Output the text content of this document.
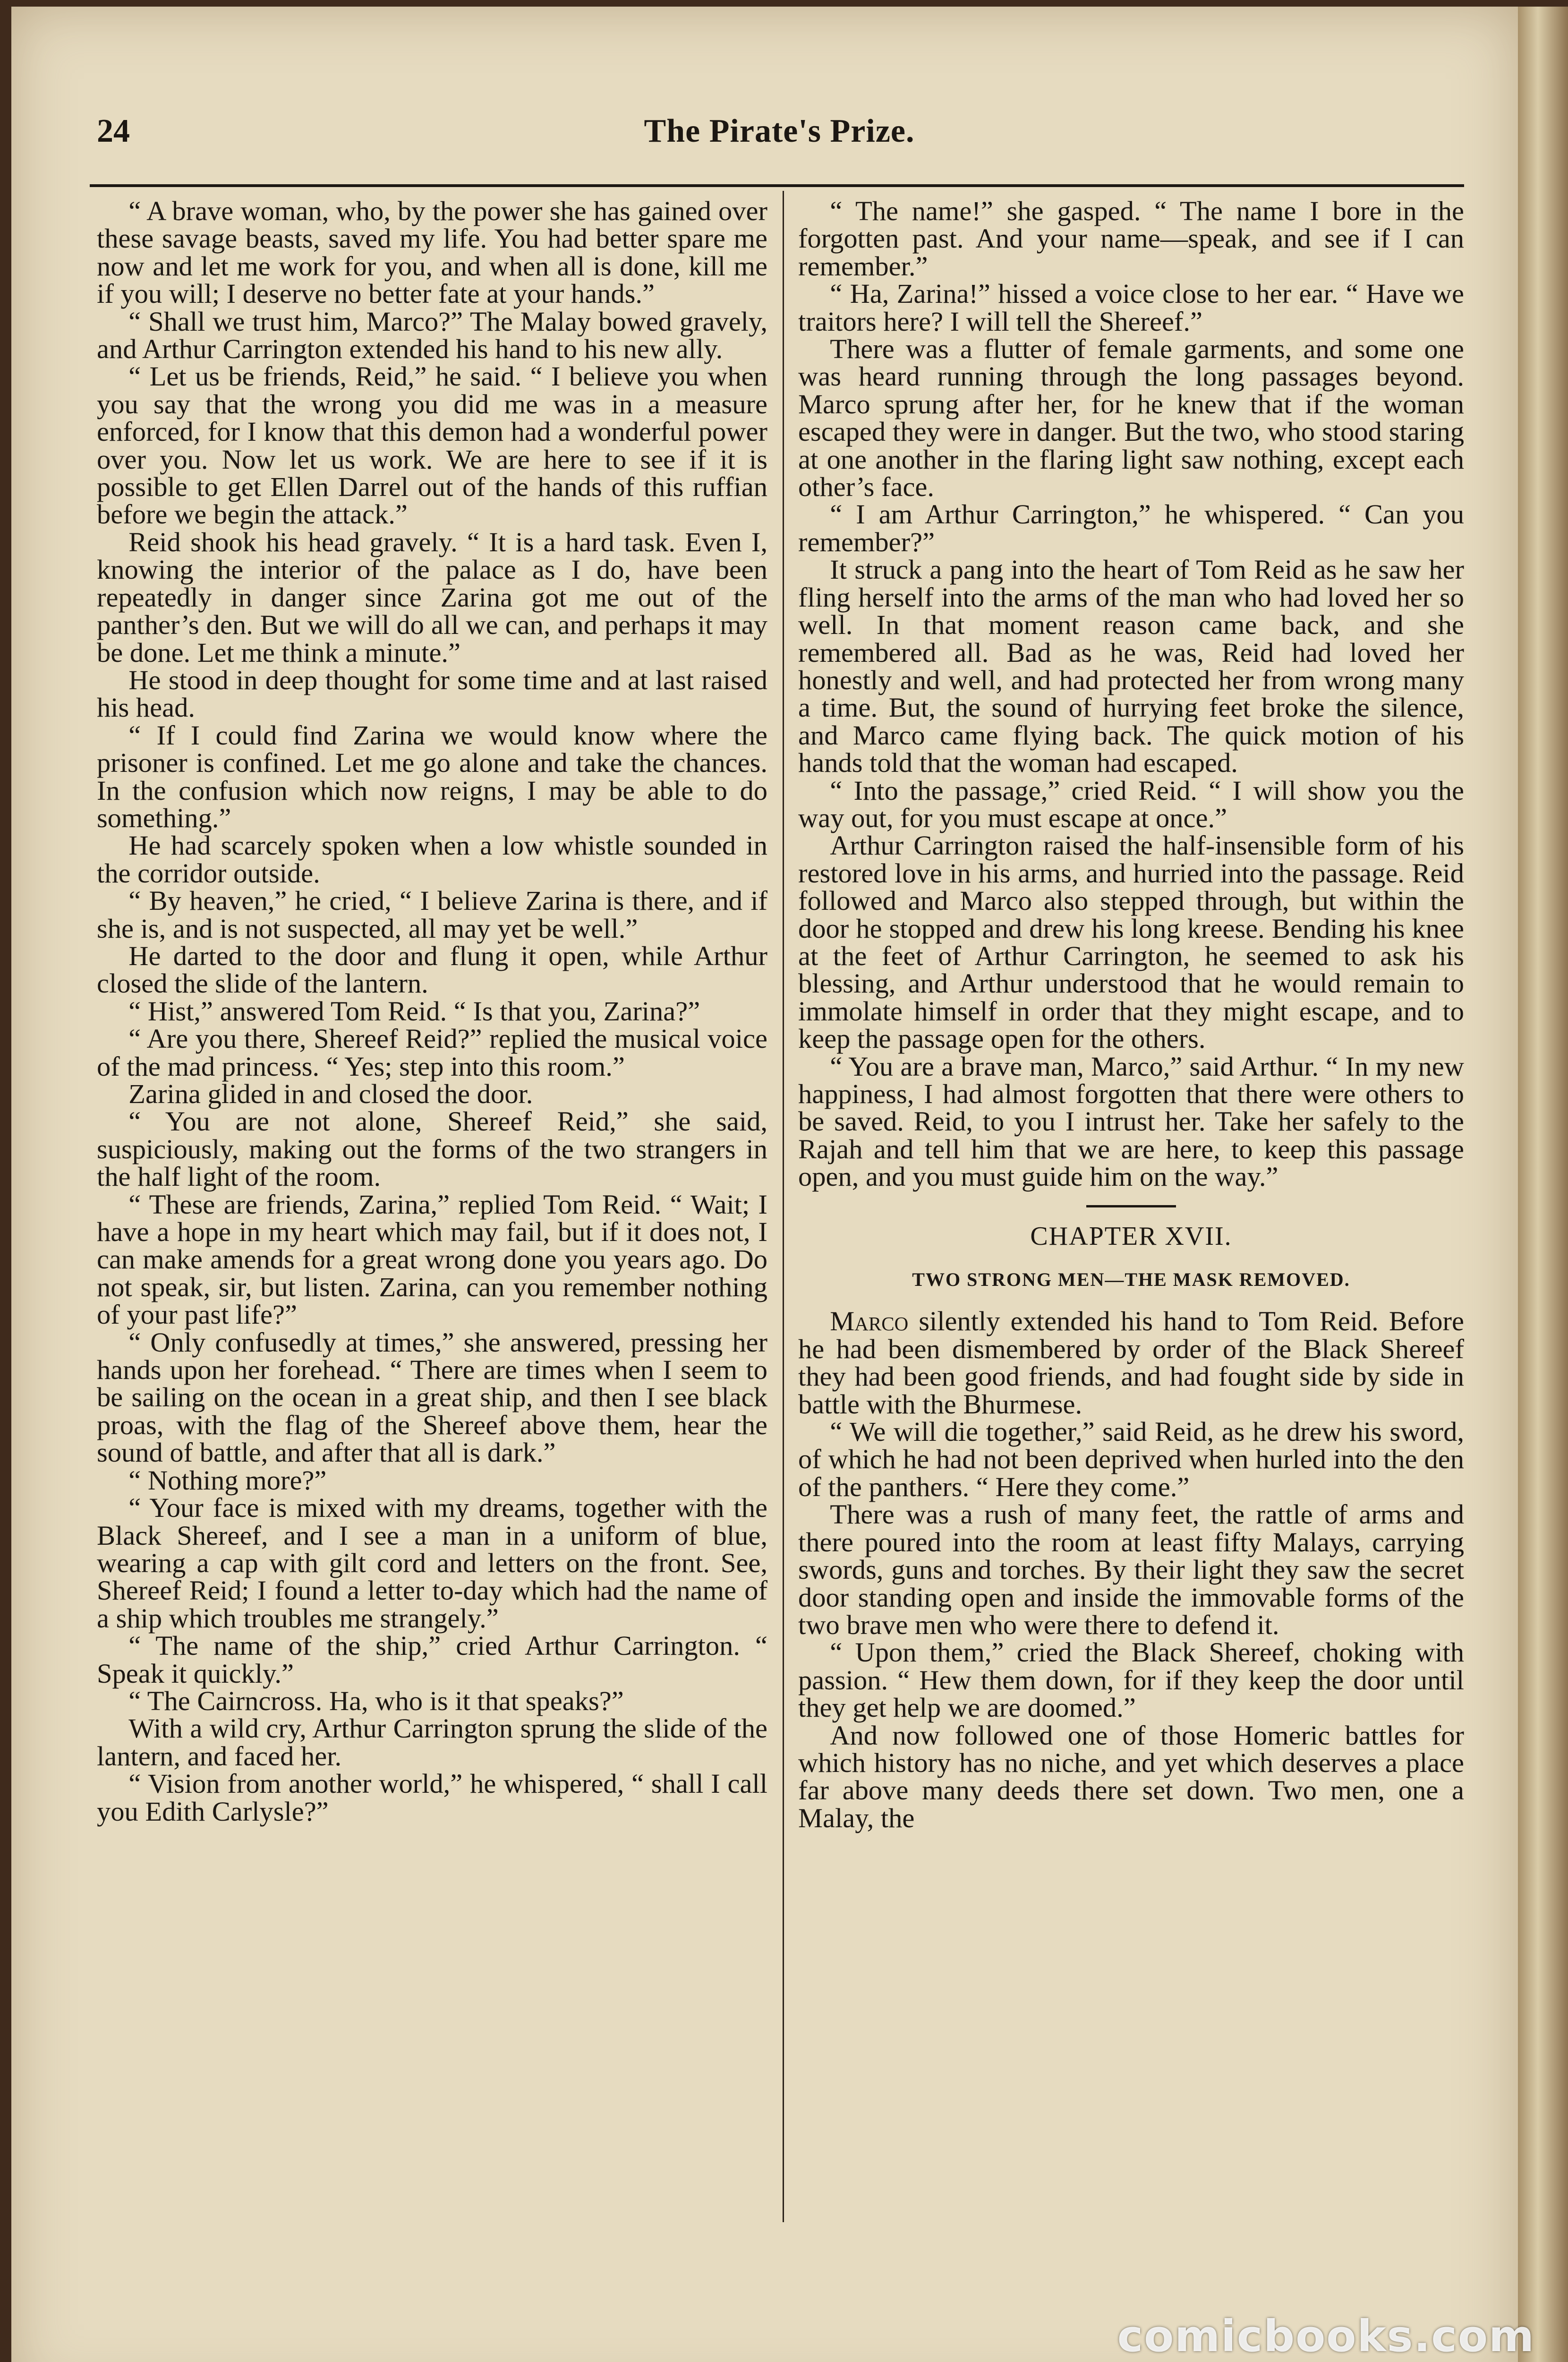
24	The Pirate's Prize.

“ A brave woman, who, by the power she has gained over these savage beasts, saved my life. You had better spare me now and let me work for you, and when all is done, kill me if you will; I deserve no better fate at your hands.”

“ Shall we trust him, Marco?” The Malay bowed gravely, and Arthur Carrington extended his hand to his new ally.

“ Let us be friends, Reid,” he said. “ I believe you when you say that the wrong you did me was in a measure enforced, for I know that this demon had a wonderful power over you. Now let us work. We are here to see if it is possible to get Ellen Darrel out of the hands of this ruffian before we begin the attack.”

Reid shook his head gravely. “ It is a hard task. Even I, knowing the interior of the palace as I do, have been repeatedly in danger since Zarina got me out of the panther’s den. But we will do all we can, and perhaps it may be done. Let me think a minute.”

He stood in deep thought for some time and at last raised his head.

“ If I could find Zarina we would know where the prisoner is confined. Let me go alone and take the chances. In the confusion which now reigns, I may be able to do something.”

He had scarcely spoken when a low whistle sounded in the corridor outside.

“ By heaven,” he cried, “ I believe Zarina is there, and if she is, and is not suspected, all may yet be well.”

He darted to the door and flung it open, while Arthur closed the slide of the lantern.

“ Hist,” answered Tom Reid. “ Is that you, Zarina?”

“ Are you there, Shereef Reid?” replied the musical voice of the mad princess. “ Yes; step into this room.”

Zarina glided in and closed the door.

“ You are not alone, Shereef Reid,” she said, suspiciously, making out the forms of the two strangers in the half light of the room.

“ These are friends, Zarina,” replied Tom Reid. “ Wait; I have a hope in my heart which may fail, but if it does not, I can make amends for a great wrong done you years ago. Do not speak, sir, but listen. Zarina, can you remember nothing of your past life?”

“ Only confusedly at times,” she answered, pressing her hands upon her forehead. “ There are times when I seem to be sailing on the ocean in a great ship, and then I see black proas, with the flag of the Shereef above them, hear the sound of battle, and after that all is dark.”

“ Nothing more?”

“ Your face is mixed with my dreams, together with the Black Shereef, and I see a man in a uniform of blue, wearing a cap with gilt cord and letters on the front. See, Shereef Reid; I found a letter to-day which had the name of a ship which troubles me strangely.”

“ The name of the ship,” cried Arthur Carrington. “ Speak it quickly.”

“ The Cairncross. Ha, who is it that speaks?”

With a wild cry, Arthur Carrington sprung the slide of the lantern, and faced her.

“ Vision from another world,” he whispered, “ shall I call you Edith Carlysle?”

“ The name!” she gasped. “ The name I bore in the forgotten past. And your name—speak, and see if I can remember.”

“ Ha, Zarina!” hissed a voice close to her ear. “ Have we traitors here? I will tell the Shereef.”

There was a flutter of female garments, and some one was heard running through the long passages beyond. Marco sprung after her, for he knew that if the woman escaped they were in danger. But the two, who stood staring at one another in the flaring light saw nothing, except each other’s face.

“ I am Arthur Carrington,” he whispered. “ Can you remember?”

It struck a pang into the heart of Tom Reid as he saw her fling herself into the arms of the man who had loved her so well. In that moment reason came back, and she remembered all. Bad as he was, Reid had loved her honestly and well, and had protected her from wrong many a time. But, the sound of hurrying feet broke the silence, and Marco came flying back. The quick motion of his hands told that the woman had escaped.

“ Into the passage,” cried Reid. “ I will show you the way out, for you must escape at once.”

Arthur Carrington raised the half-insensible form of his restored love in his arms, and hurried into the passage. Reid followed and Marco also stepped through, but within the door he stopped and drew his long kreese. Bending his knee at the feet of Arthur Carrington, he seemed to ask his blessing, and Arthur understood that he would remain to immolate himself in order that they might escape, and to keep the passage open for the others.

“ You are a brave man, Marco,” said Arthur. “ In my new happiness, I had almost forgotten that there were others to be saved. Reid, to you I intrust her. Take her safely to the Rajah and tell him that we are here, to keep this passage open, and you must guide him on the way.”

CHAPTER XVII.
TWO STRONG MEN—THE MASK REMOVED.

Marco silently extended his hand to Tom Reid. Before he had been dismembered by order of the Black Shereef they had been good friends, and had fought side by side in battle with the Bhurmese.

“ We will die together,” said Reid, as he drew his sword, of which he had not been deprived when hurled into the den of the panthers. “ Here they come.”

There was a rush of many feet, the rattle of arms and there poured into the room at least fifty Malays, carrying swords, guns and torches. By their light they saw the secret door standing open and inside the immovable forms of the two brave men who were there to defend it.

“ Upon them,” cried the Black Shereef, choking with passion. “ Hew them down, for if they keep the door until they get help we are doomed.”

And now followed one of those Homeric battles for which history has no niche, and yet which deserves a place far above many deeds there set down. Two men, one a Malay, the

comicbooks.com
